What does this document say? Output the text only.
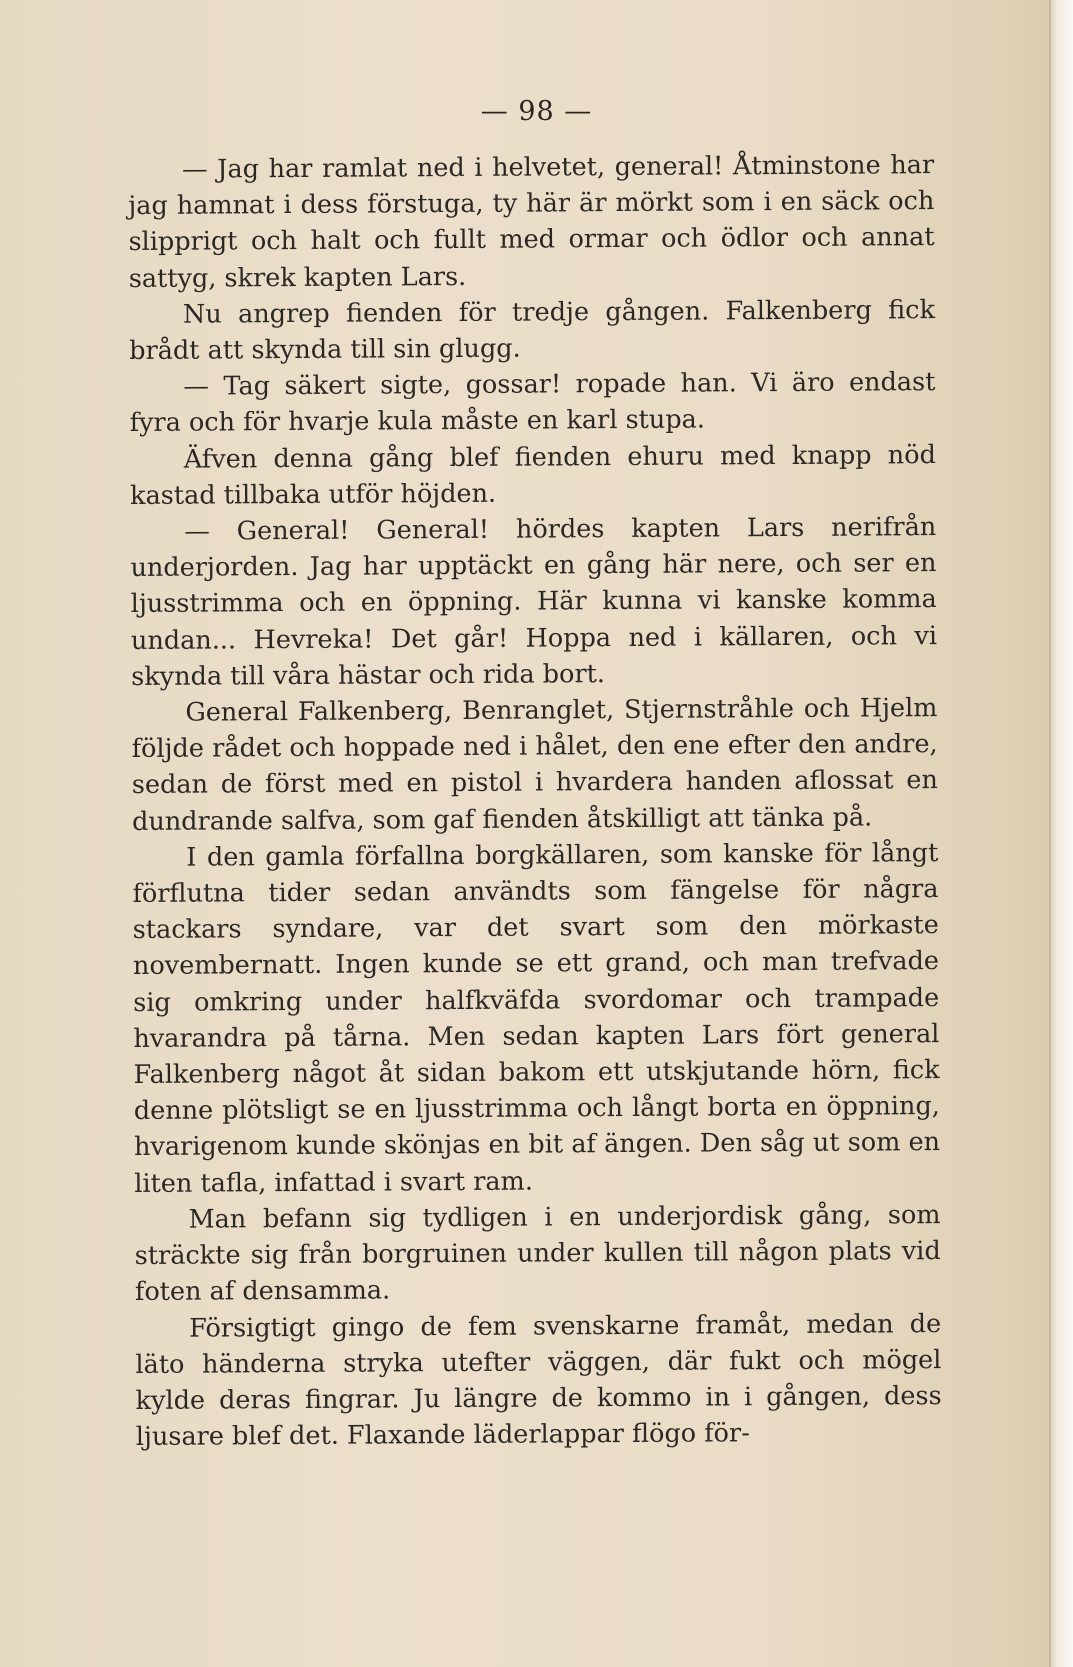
— 98 —

— Jag har ramlat ned i helvetet, general! Åtminstone har jag hamnat i dess förstuga, ty här är mörkt som i en säck och slipprigt och halt och fullt med ormar och ödlor och annat sattyg, skrek kapten Lars.

Nu angrep fienden för tredje gången. Falkenberg fick brådt att skynda till sin glugg.

— Tag säkert sigte, gossar! ropade han. Vi äro endast fyra och för hvarje kula måste en karl stupa.

Äfven denna gång blef fienden ehuru med knapp nöd kastad tillbaka utför höjden.

— General! General! hördes kapten Lars nerifrån underjorden. Jag har upptäckt en gång här nere, och ser en ljusstrimma och en öppning. Här kunna vi kanske komma undan... Hevreka! Det går! Hoppa ned i källaren, och vi skynda till våra hästar och rida bort.

General Falkenberg, Benranglet, Stjernstråhle och Hjelm följde rådet och hoppade ned i hålet, den ene efter den andre, sedan de först med en pistol i hvardera handen aflossat en dundrande salfva, som gaf fienden åtskilligt att tänka på.

I den gamla förfallna borgkällaren, som kanske för långt förflutna tider sedan användts som fängelse för några stackars syndare, var det svart som den mörkaste novembernatt. Ingen kunde se ett grand, och man trefvade sig omkring under halfkväfda svordomar och trampade hvarandra på tårna. Men sedan kapten Lars fört general Falkenberg något åt sidan bakom ett utskjutande hörn, fick denne plötsligt se en ljusstrimma och långt borta en öppning, hvarigenom kunde skönjas en bit af ängen. Den såg ut som en liten tafla, infattad i svart ram.

Man befann sig tydligen i en underjordisk gång, som sträckte sig från borgruinen under kullen till någon plats vid foten af densamma.

Försigtigt gingo de fem svenskarne framåt, medan de läto händerna stryka utefter väggen, där fukt och mögel kylde deras fingrar. Ju längre de kommo in i gången, dess ljusare blef det. Flaxande läderlappar flögo för-
